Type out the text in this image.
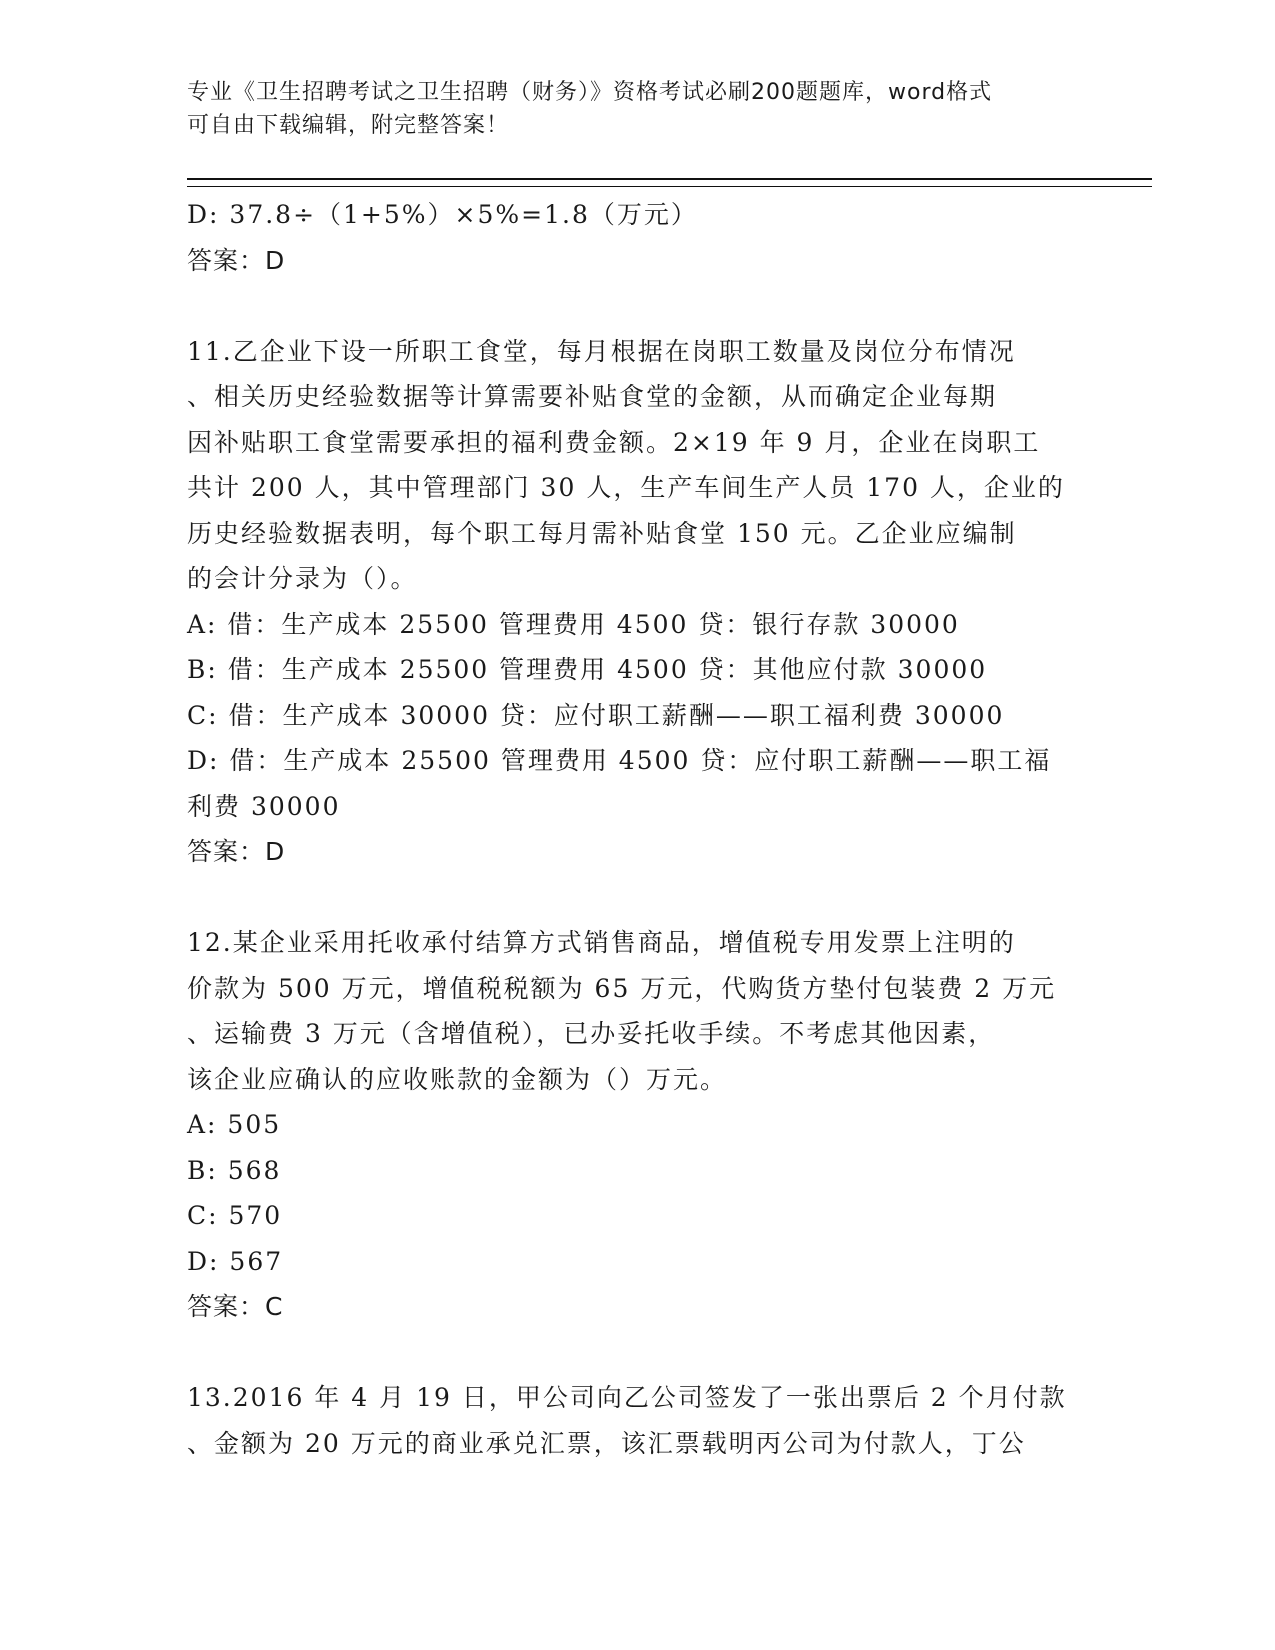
专业《卫生招聘考试之卫生招聘（财务）》资格考试必刷200题题库，word格式
可自由下载编辑，附完整答案！
D: 37.8÷（1+5%）×5%=1.8（万元）
答案：D
11.乙企业下设一所职工食堂，每月根据在岗职工数量及岗位分布情况
、相关历史经验数据等计算需要补贴食堂的金额，从而确定企业每期
因补贴职工食堂需要承担的福利费金额。2×19 年 9 月，企业在岗职工
共计 200 人，其中管理部门 30 人，生产车间生产人员 170 人，企业的
历史经验数据表明，每个职工每月需补贴食堂 150 元。乙企业应编制
的会计分录为（）。
A: 借：生产成本 25500 管理费用 4500 贷：银行存款 30000
B: 借：生产成本 25500 管理费用 4500 贷：其他应付款 30000
C: 借：生产成本 30000 贷：应付职工薪酬——职工福利费 30000
D: 借：生产成本 25500 管理费用 4500 贷：应付职工薪酬——职工福
利费 30000
答案：D
12.某企业采用托收承付结算方式销售商品，增值税专用发票上注明的
价款为 500 万元，增值税税额为 65 万元，代购货方垫付包装费 2 万元
、运输费 3 万元（含增值税），已办妥托收手续。不考虑其他因素，
该企业应确认的应收账款的金额为（）万元。
A: 505
B: 568
C: 570
D: 567
答案：C
13.2016 年 4 月 19 日，甲公司向乙公司签发了一张出票后 2 个月付款
、金额为 20 万元的商业承兑汇票，该汇票载明丙公司为付款人，丁公
